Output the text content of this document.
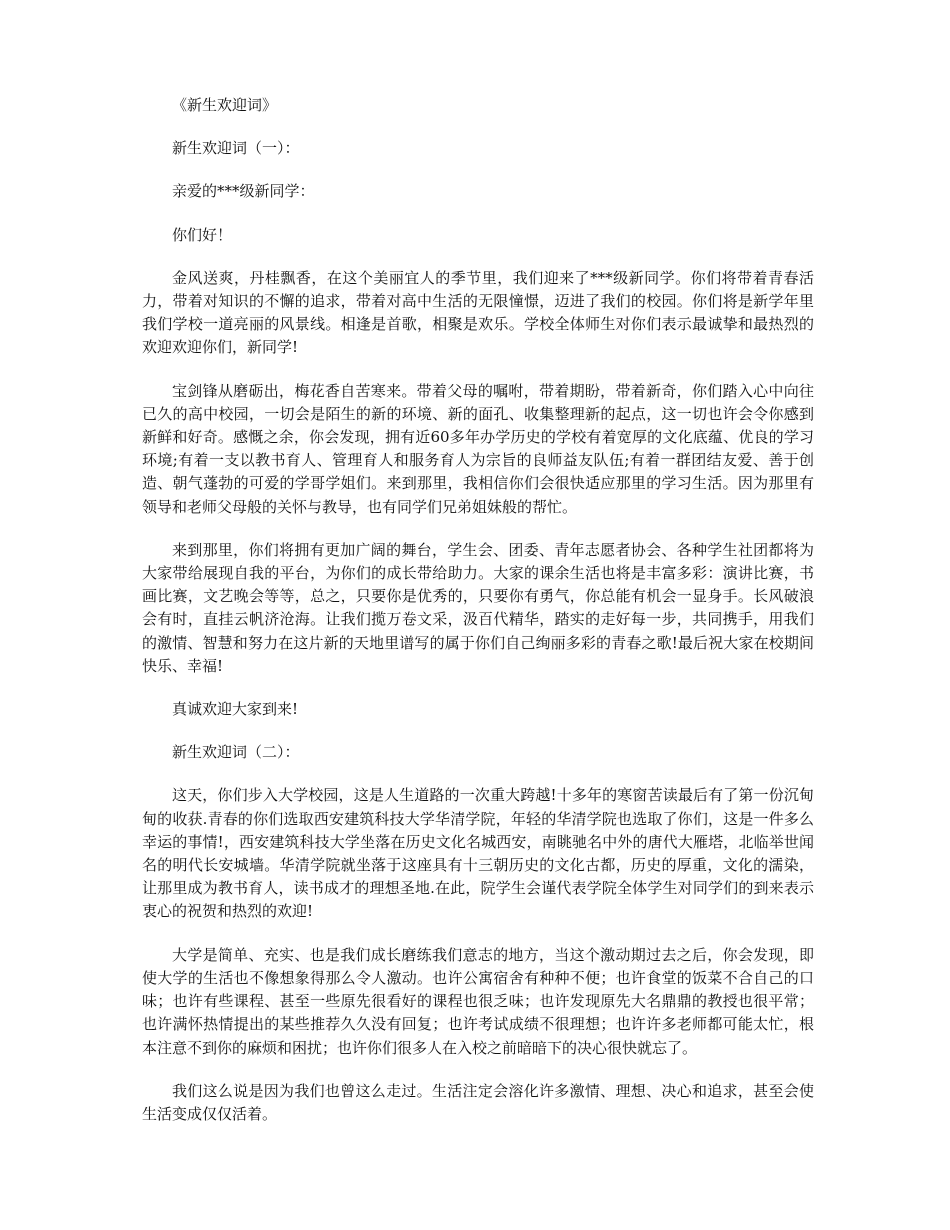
《新生欢迎词》

新生欢迎词（一）：

亲爱的***级新同学：

你们好！

金风送爽，丹桂飘香，在这个美丽宜人的季节里，我们迎来了***级新同学。你们将带着青春活力，带着对知识的不懈的追求，带着对高中生活的无限憧憬，迈进了我们的校园。你们将是新学年里我们学校一道亮丽的风景线。相逢是首歌，相聚是欢乐。学校全体师生对你们表示最诚挚和最热烈的欢迎欢迎你们，新同学!

宝剑锋从磨砺出，梅花香自苦寒来。带着父母的嘱咐，带着期盼，带着新奇，你们踏入心中向往已久的高中校园，一切会是陌生的新的环境、新的面孔、收集整理新的起点，这一切也许会令你感到新鲜和好奇。感慨之余，你会发现，拥有近60多年办学历史的学校有着宽厚的文化底蕴、优良的学习环境;有着一支以教书育人、管理育人和服务育人为宗旨的良师益友队伍;有着一群团结友爱、善于创造、朝气蓬勃的可爱的学哥学姐们。来到那里，我相信你们会很快适应那里的学习生活。因为那里有领导和老师父母般的关怀与教导，也有同学们兄弟姐妹般的帮忙。

来到那里，你们将拥有更加广阔的舞台，学生会、团委、青年志愿者协会、各种学生社团都将为大家带给展现自我的平台，为你们的成长带给助力。大家的课余生活也将是丰富多彩：演讲比赛，书画比赛，文艺晚会等等，总之，只要你是优秀的，只要你有勇气，你总能有机会一显身手。长风破浪会有时，直挂云帆济沧海。让我们揽万卷文采，汲百代精华，踏实的走好每一步，共同携手，用我们的激情、智慧和努力在这片新的天地里谱写的属于你们自己绚丽多彩的青春之歌!最后祝大家在校期间快乐、幸福!

真诚欢迎大家到来!

新生欢迎词（二）：

这天，你们步入大学校园，这是人生道路的一次重大跨越!十多年的寒窗苦读最后有了第一份沉甸甸的收获.青春的你们选取西安建筑科技大学华清学院，年轻的华清学院也选取了你们，这是一件多么幸运的事情!，西安建筑科技大学坐落在历史文化名城西安，南眺驰名中外的唐代大雁塔，北临举世闻名的明代长安城墙。华清学院就坐落于这座具有十三朝历史的文化古都，历史的厚重，文化的濡染，让那里成为教书育人，读书成才的理想圣地.在此，院学生会谨代表学院全体学生对同学们的到来表示衷心的祝贺和热烈的欢迎!

大学是简单、充实、也是我们成长磨练我们意志的地方，当这个激动期过去之后，你会发现，即使大学的生活也不像想象得那么令人激动。也许公寓宿舍有种种不便；也许食堂的饭菜不合自己的口味；也许有些课程、甚至一些原先很看好的课程也很乏味；也许发现原先大名鼎鼎的教授也很平常；也许满怀热情提出的某些推荐久久没有回复；也许考试成绩不很理想；也许许多老师都可能太忙，根本注意不到你的麻烦和困扰；也许你们很多人在入校之前暗暗下的决心很快就忘了。

我们这么说是因为我们也曾这么走过。生活注定会溶化许多激情、理想、决心和追求，甚至会使生活变成仅仅活着。
